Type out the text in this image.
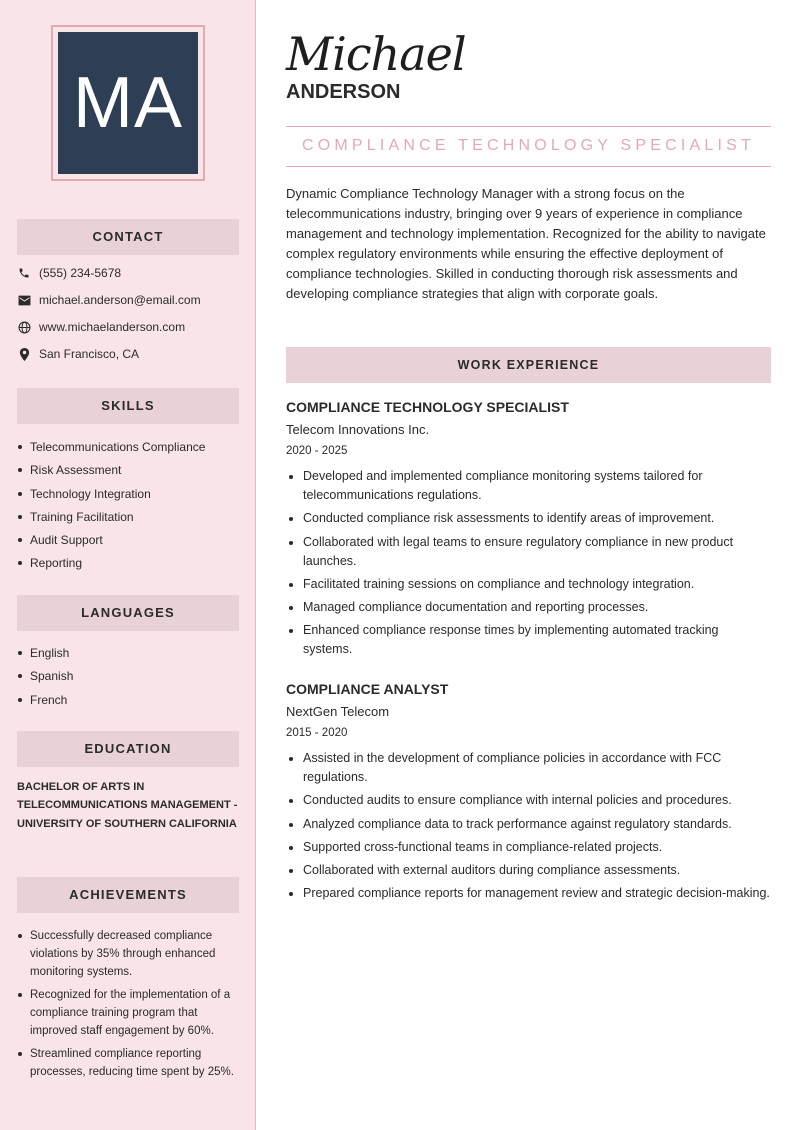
MA
CONTACT
(555) 234-5678
michael.anderson@email.com
www.michaelanderson.com
San Francisco, CA
SKILLS
Telecommunications Compliance
Risk Assessment
Technology Integration
Training Facilitation
Audit Support
Reporting
LANGUAGES
English
Spanish
French
EDUCATION
BACHELOR OF ARTS IN TELECOMMUNICATIONS MANAGEMENT - UNIVERSITY OF SOUTHERN CALIFORNIA
ACHIEVEMENTS
Successfully decreased compliance violations by 35% through enhanced monitoring systems.
Recognized for the implementation of a compliance training program that improved staff engagement by 60%.
Streamlined compliance reporting processes, reducing time spent by 25%.
Michael
ANDERSON
COMPLIANCE TECHNOLOGY SPECIALIST

Dynamic Compliance Technology Manager with a strong focus on the telecommunications industry, bringing over 9 years of experience in compliance management and technology implementation. Recognized for the ability to navigate complex regulatory environments while ensuring the effective deployment of compliance technologies. Skilled in conducting thorough risk assessments and developing compliance strategies that align with corporate goals.

WORK EXPERIENCE
COMPLIANCE TECHNOLOGY SPECIALIST
Telecom Innovations Inc.
2020 - 2025
Developed and implemented compliance monitoring systems tailored for telecommunications regulations.
Conducted compliance risk assessments to identify areas of improvement.
Collaborated with legal teams to ensure regulatory compliance in new product launches.
Facilitated training sessions on compliance and technology integration.
Managed compliance documentation and reporting processes.
Enhanced compliance response times by implementing automated tracking systems.
COMPLIANCE ANALYST
NextGen Telecom
2015 - 2020
Assisted in the development of compliance policies in accordance with FCC regulations.
Conducted audits to ensure compliance with internal policies and procedures.
Analyzed compliance data to track performance against regulatory standards.
Supported cross-functional teams in compliance-related projects.
Collaborated with external auditors during compliance assessments.
Prepared compliance reports for management review and strategic decision-making.
